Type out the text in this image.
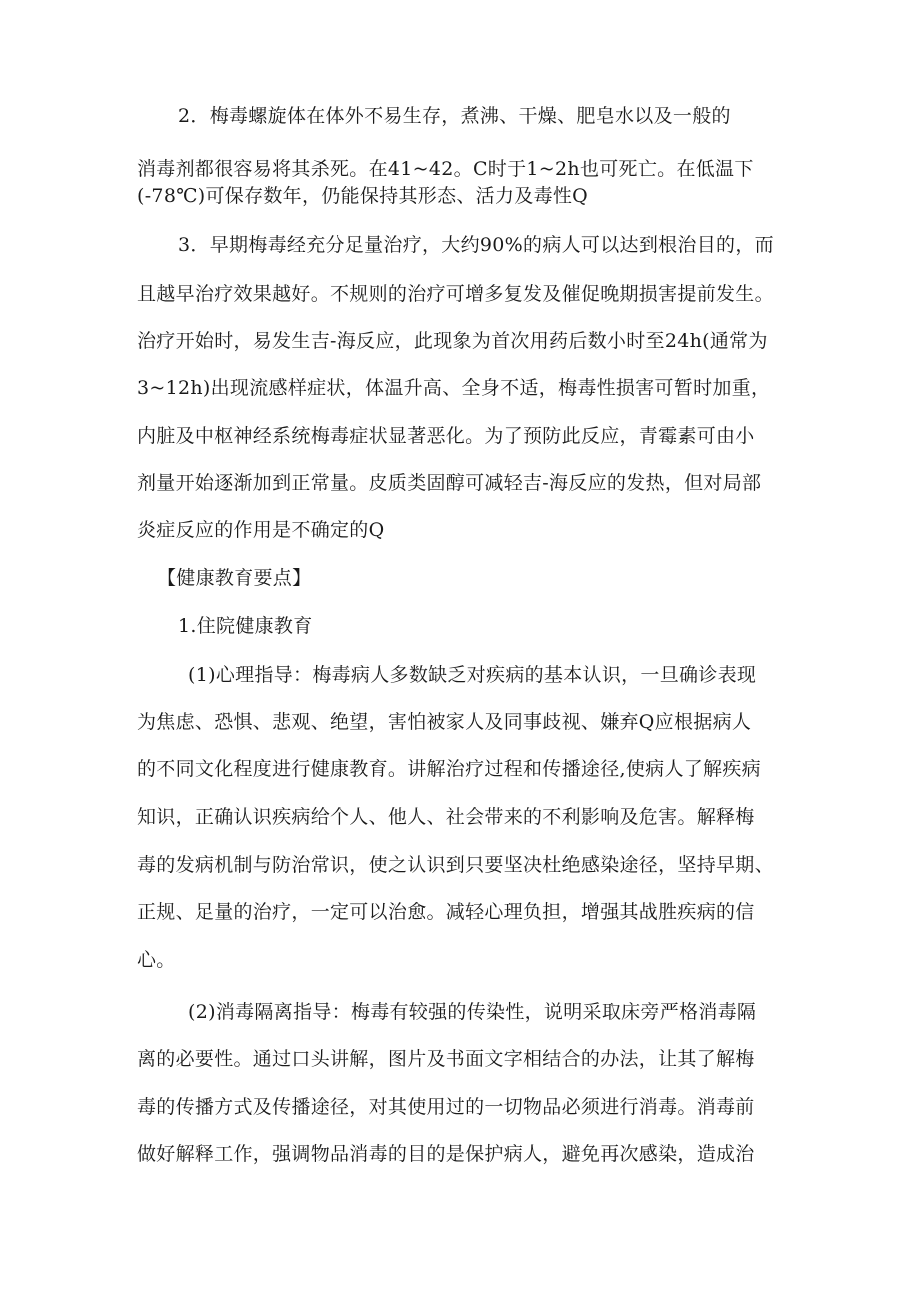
2．梅毒螺旋体在体外不易生存，煮沸、干燥、肥皂水以及一般的
消毒剂都很容易将其杀死。在41~42。C时于1~2h也可死亡。在低温下
(-78℃)可保存数年，仍能保持其形态、活力及毒性Q
3．早期梅毒经充分足量治疗，大约90%的病人可以达到根治目的，而
且越早治疗效果越好。不规则的治疗可增多复发及催促晚期损害提前发生。
治疗开始时，易发生吉-海反应，此现象为首次用药后数小时至24h(通常为
3~12h)出现流感样症状，体温升高、全身不适，梅毒性损害可暂时加重，
内脏及中枢神经系统梅毒症状显著恶化。为了预防此反应，青霉素可由小
剂量开始逐渐加到正常量。皮质类固醇可减轻吉-海反应的发热，但对局部
炎症反应的作用是不确定的Q
【健康教育要点】
1.住院健康教育
(1)心理指导：梅毒病人多数缺乏对疾病的基本认识，一旦确诊表现
为焦虑、恐惧、悲观、绝望，害怕被家人及同事歧视、嫌弃Q应根据病人
的不同文化程度进行健康教育。讲解治疗过程和传播途径,使病人了解疾病
知识，正确认识疾病给个人、他人、社会带来的不利影响及危害。解释梅
毒的发病机制与防治常识，使之认识到只要坚决杜绝感染途径，坚持早期、
正规、足量的治疗，一定可以治愈。减轻心理负担，增强其战胜疾病的信
心。
(2)消毒隔离指导：梅毒有较强的传染性，说明采取床旁严格消毒隔
离的必要性。通过口头讲解，图片及书面文字相结合的办法，让其了解梅
毒的传播方式及传播途径，对其使用过的一切物品必须进行消毒。消毒前
做好解释工作，强调物品消毒的目的是保护病人，避免再次感染，造成治
